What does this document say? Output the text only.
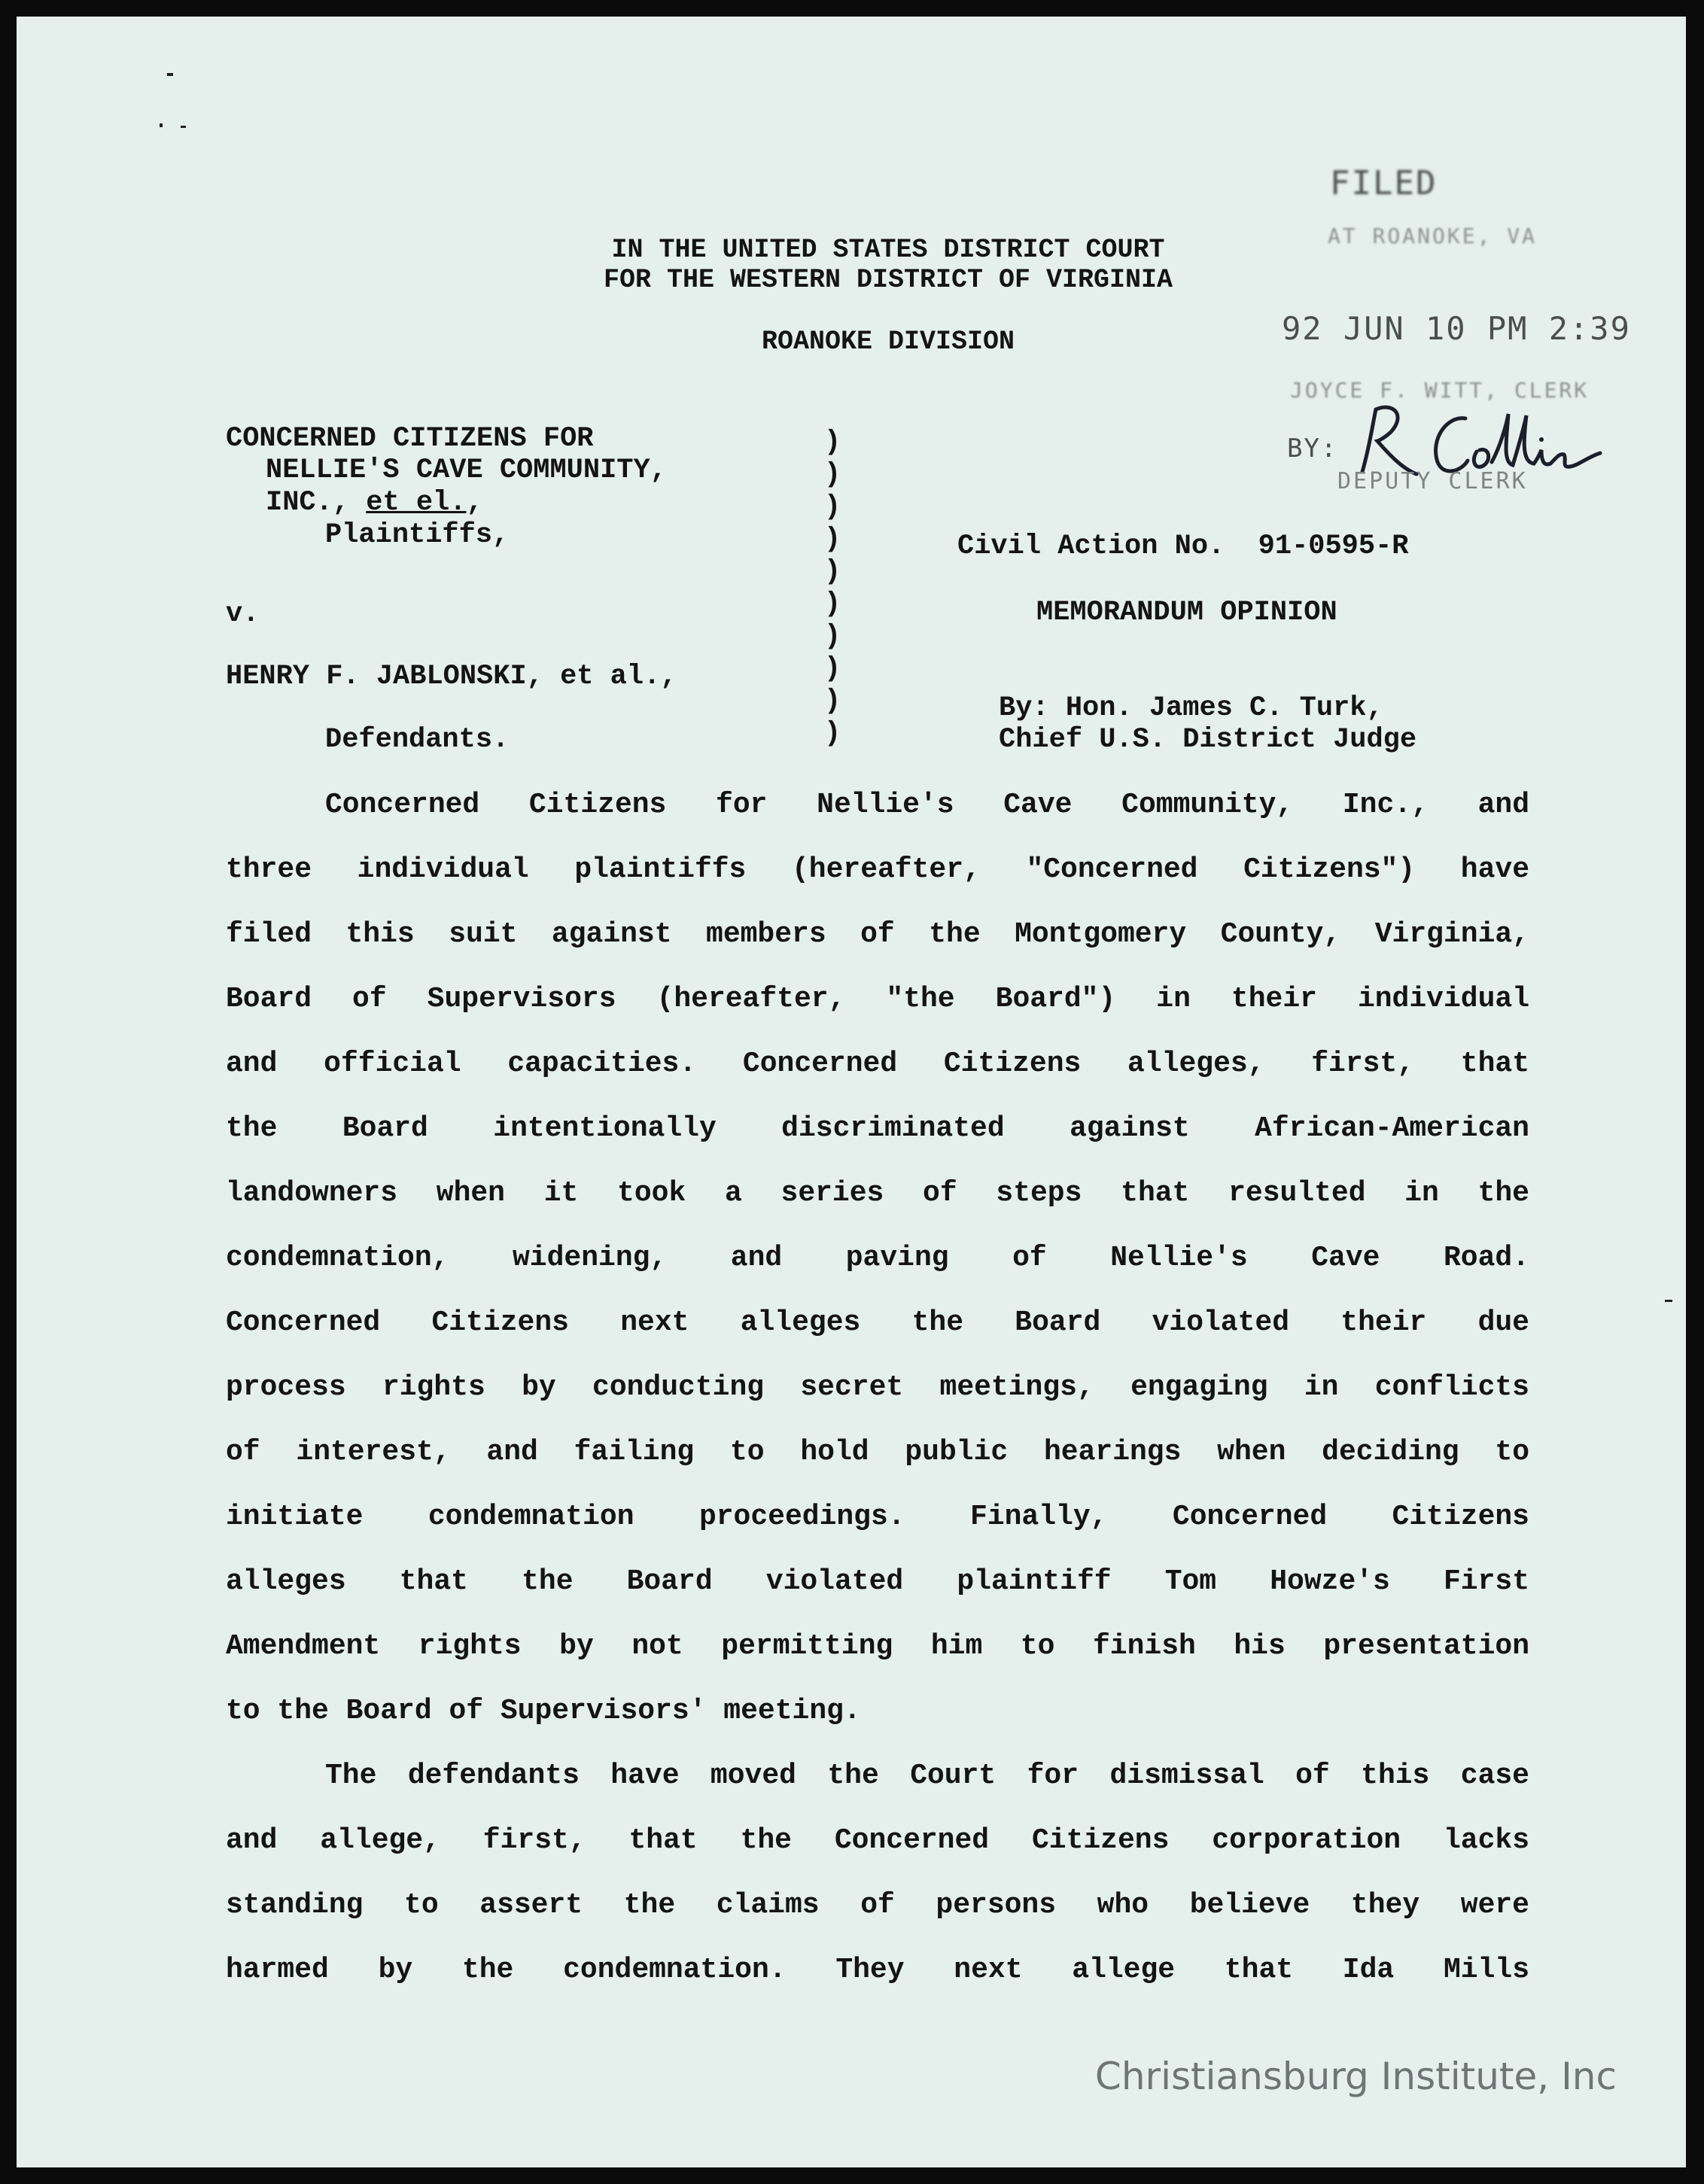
IN THE UNITED STATES DISTRICT COURT
FOR THE WESTERN DISTRICT OF VIRGINIA
ROANOKE DIVISION
FILED
AT ROANOKE, VA
92 JUN 10 PM 2:39
JOYCE F. WITT, CLERK
BY:
DEPUTY CLERK
CONCERNED CITIZENS FOR
NELLIE'S CAVE COMMUNITY,
INC., et el.,
Plaintiffs,
v.
HENRY F. JABLONSKI, et al.,
Defendants.
)
)
)
)
)
)
)
)
)
)
Civil Action No.  91-0595-R
MEMORANDUM OPINION
By: Hon. James C. Turk,
Chief U.S. District Judge
Concerned Citizens for Nellie's Cave Community, Inc., and
three individual plaintiffs (hereafter, "Concerned Citizens") have
filed this suit against members of the Montgomery County, Virginia,
Board of Supervisors (hereafter, "the Board") in their individual
and official capacities. Concerned Citizens alleges, first, that
the Board intentionally discriminated against African-American
landowners when it took a series of steps that resulted in the
condemnation, widening, and paving of Nellie's Cave Road.
Concerned Citizens next alleges the Board violated their due
process rights by conducting secret meetings, engaging in conflicts
of interest, and failing to hold public hearings when deciding to
initiate condemnation proceedings. Finally, Concerned Citizens
alleges that the Board violated plaintiff Tom Howze's First
Amendment rights by not permitting him to finish his presentation
to the Board of Supervisors' meeting.
The defendants have moved the Court for dismissal of this case
and allege, first, that the Concerned Citizens corporation lacks
standing to assert the claims of persons who believe they were
harmed by the condemnation. They next allege that Ida Mills
Christiansburg Institute, Inc
